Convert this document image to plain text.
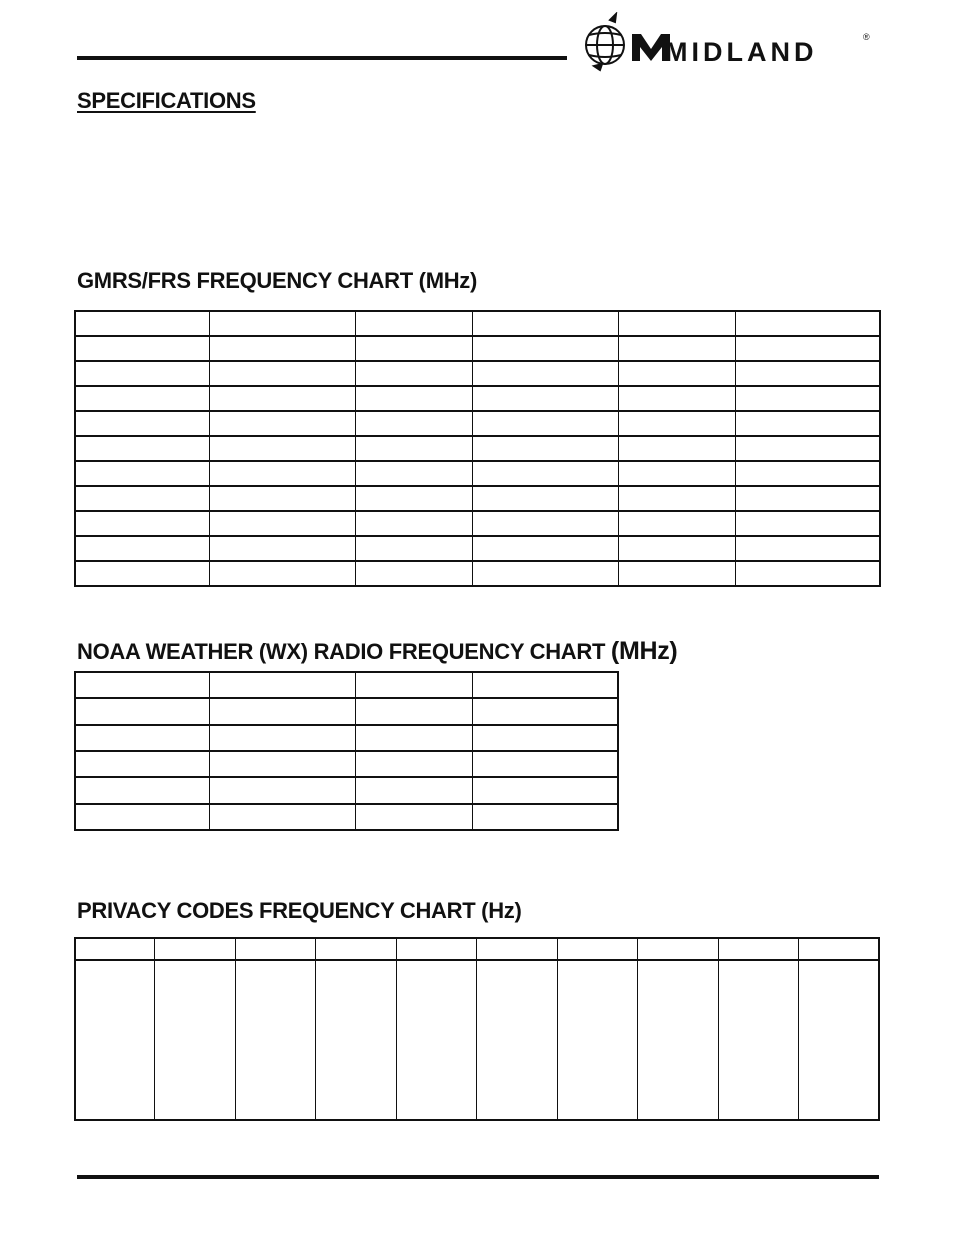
MIDLAND	®
SPECIFICATIONS
GMRS/FRS FREQUENCY CHART (MHz)

NOAA WEATHER (WX) RADIO FREQUENCY CHART (MHz)

PRIVACY CODES FREQUENCY CHART (Hz)
